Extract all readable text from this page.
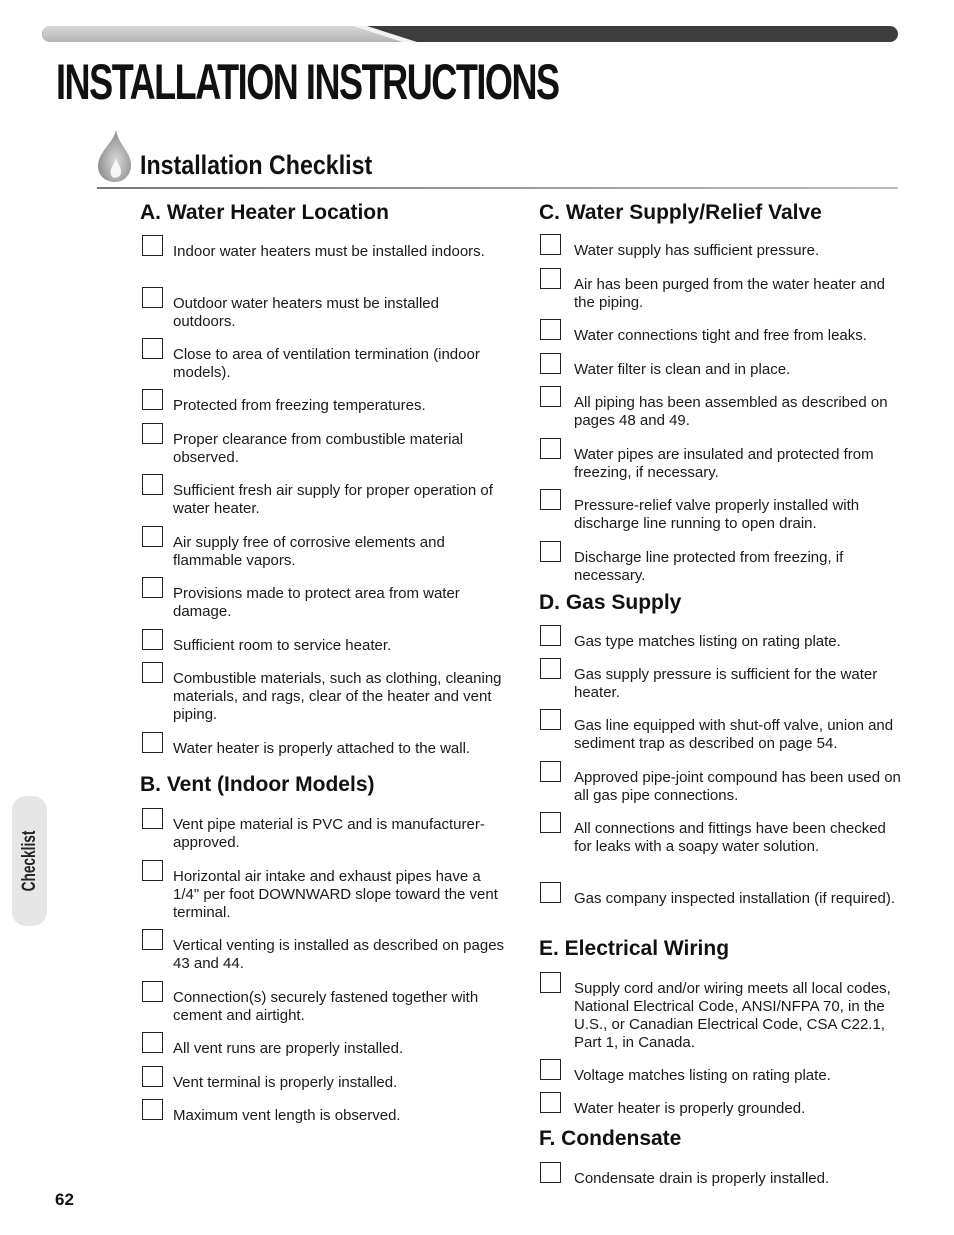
INSTALLATION INSTRUCTIONS
Installation Checklist
A. Water Heater Location
Indoor water heaters must be installed indoors.
Outdoor water heaters must be installed outdoors.
Close to area of ventilation termination (indoor models).
Protected from freezing temperatures.
Proper clearance from combustible material observed.
Sufficient fresh air supply for proper operation of water heater.
Air supply free of corrosive elements and flammable vapors.
Provisions made to protect area from water damage.
Sufficient room to service heater.
Combustible materials, such as clothing, cleaning materials, and rags, clear of the heater and vent piping.
Water heater is properly attached to the wall.
B. Vent (Indoor Models)
Vent pipe material is PVC and is manufacturer-approved.
Horizontal air intake and exhaust pipes have a 1/4" per foot DOWNWARD slope toward the vent terminal.
Vertical venting is installed as described on pages 43 and 44.
Connection(s) securely fastened together with cement and airtight.
All vent runs are properly installed.
Vent terminal is properly installed.
Maximum vent length is observed.
C. Water Supply/Relief Valve
Water supply has sufficient pressure.
Air has been purged from the water heater and the piping.
Water connections tight and free from leaks.
Water filter is clean and in place.
All piping has been assembled as described on pages 48 and 49.
Water pipes are insulated and protected from freezing, if necessary.
Pressure-relief valve properly installed with discharge line running to open drain.
Discharge line protected from freezing, if necessary.
D. Gas Supply
Gas type matches listing on rating plate.
Gas supply pressure is sufficient for the water heater.
Gas line equipped with shut-off valve, union and sediment trap as described on page 54.
Approved pipe-joint compound has been used on all gas pipe connections.
All connections and fittings have been checked for leaks with a soapy water solution.
Gas company inspected installation (if required).
E. Electrical Wiring
Supply cord and/or wiring meets all local codes, National Electrical Code, ANSI/NFPA 70, in the U.S., or Canadian Electrical Code, CSA C22.1, Part 1, in Canada.
Voltage matches listing on rating plate.
Water heater is properly grounded.
F. Condensate
Condensate drain is properly installed.
Checklist
62
